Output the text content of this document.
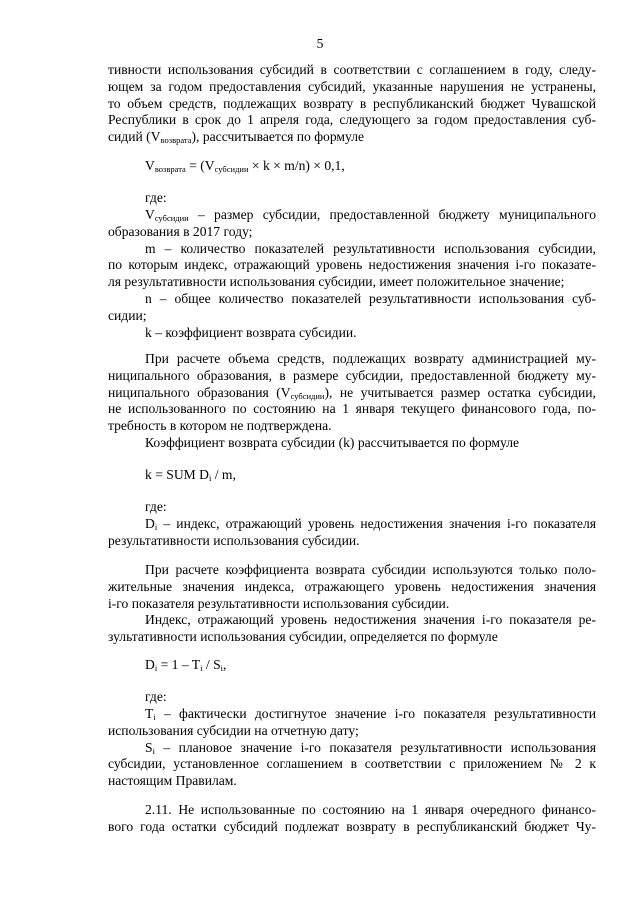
5
тивности использования субсидий в соответствии с соглашением в году, следу-
ющем за годом предоставления субсидий, указанные нарушения не устранены,
то объем средств, подлежащих возврату в республиканский бюджет Чувашской
Республики в срок до 1 апреля года, следующего за годом предоставления суб-
сидий $(V_{возврата})$, рассчитывается по формуле

$V_{возврата} = (V_{субсидии} \times k \times m/n) \times 0,1$,

где:

$V_{субсидии}$ – размер субсидии, предоставленной бюджету муниципального
образования в 2017 году;
m – количество показателей результативности использования субсидии,
по которым индекс, отражающий уровень недостижения значения i-го показате-
ля результативности использования субсидии, имеет положительное значение;
n – общее количество показателей результативности использования суб-
сидии;
k – коэффициент возврата субсидии.
При расчете объема средств, подлежащих возврату администрацией му-
ниципального образования, в размере субсидии, предоставленной бюджету му-
ниципального образования $(V_{субсидии})$, не учитывается размер остатка субсидии,
не использованного по состоянию на 1 января текущего финансового года, по-
требность в котором не подтверждена.
Коэффициент возврата субсидии (k) рассчитывается по формуле

k = SUM $D_i$ / m,

где:

$D_i$ – индекс, отражающий уровень недостижения значения i-го показателя
результативности использования субсидии.
При расчете коэффициента возврата субсидии используются только поло-
жительные значения индекса, отражающего уровень недостижения значения
i-го показателя результативности использования субсидии.
Индекс, отражающий уровень недостижения значения i-го показателя ре-
зультативности использования субсидии, определяется по формуле

$D_i = 1 - T_i / S_i$,

где:

$T_i$ – фактически достигнутое значение i-го показателя результативности
использования субсидии на отчетную дату;
$S_i$ – плановое значение i-го показателя результативности использования
субсидии, установленное соглашением в соответствии с приложением № 2 к
настоящим Правилам.
2.11. Не использованные по состоянию на 1 января очередного финансо-
вого года остатки субсидий подлежат возврату в республиканский бюджет Чу-
